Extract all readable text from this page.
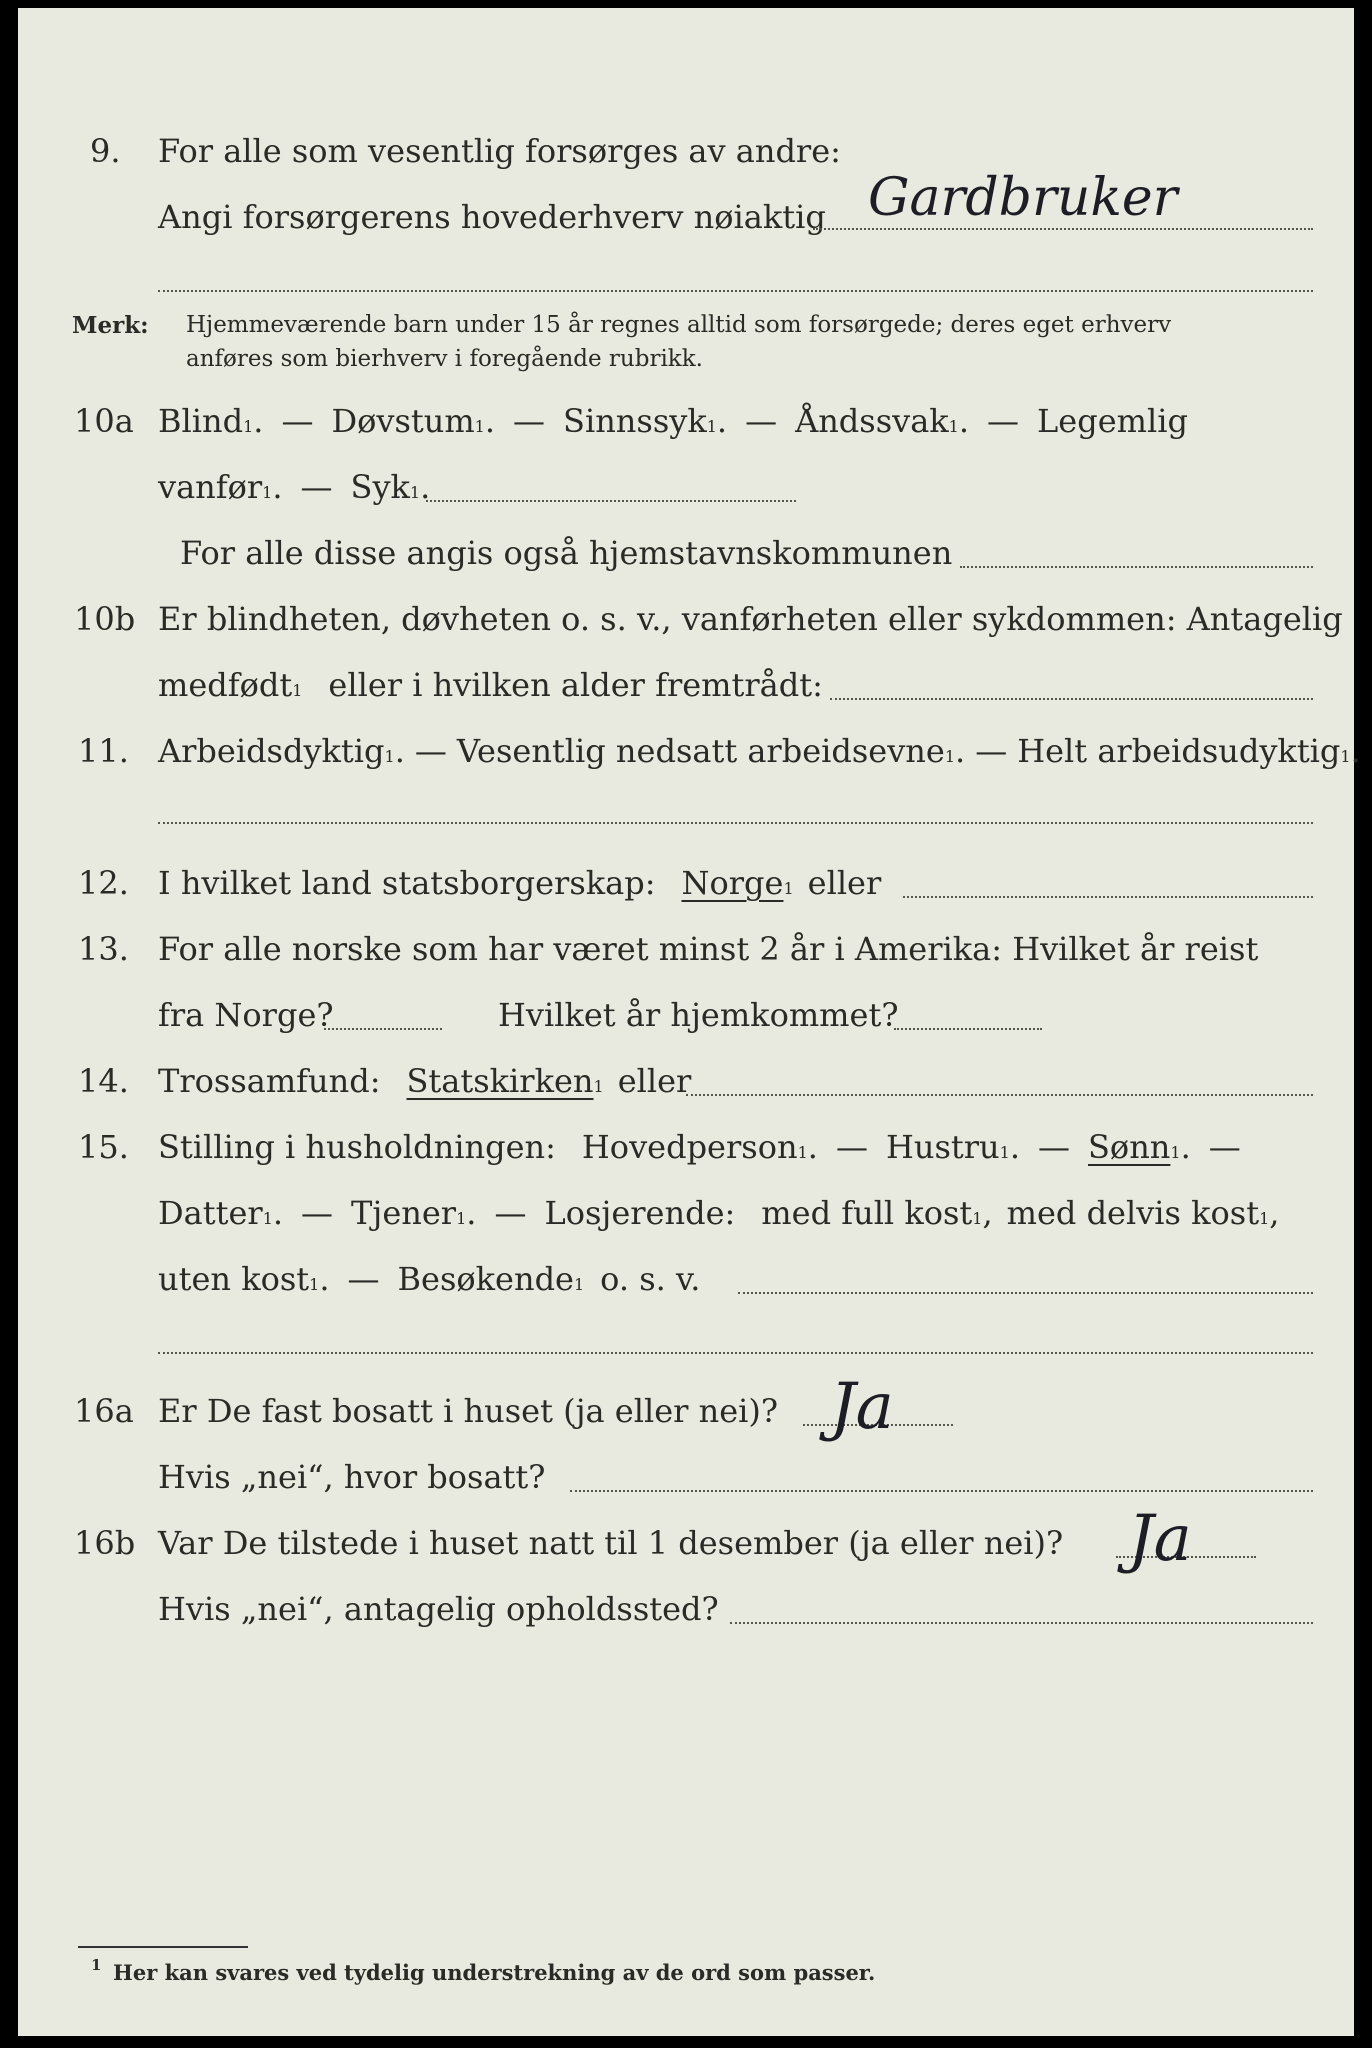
9. For alle som vesentlig forsørges av andre:
Angi forsørgerens hovederhverv nøiaktig Gardbruker
Merk: Hjemmeværende barn under 15 år regnes alltid som forsørgede; deres eget erhverv
anføres som bierhverv i foregående rubrikk.
10a Blind 1 . — Døvstum 1 . — Sinnssyk 1 . — Åndssvak 1 . — Legemlig
vanfør 1 . — Syk 1 .
For alle disse angis også hjemstavnskommunen
10b Er blindheten, døvheten o. s. v., vanførheten eller sykdommen: Antagelig
medfødt 1 eller i hvilken alder fremtrådt:
11. Arbeidsdyktig 1 . — Vesentlig nedsatt arbeidsevne 1 . — Helt arbeidsudyktig 1 .
12. I hvilket land statsborgerskap: Norge 1 eller
13. For alle norske som har været minst 2 år i Amerika: Hvilket år reist
fra Norge?	Hvilket år hjemkommet?
14. Trossamfund: Statskirken 1 eller
15. Stilling i husholdningen: Hovedperson 1 . — Hustru 1 . — Sønn 1 . —
Datter 1 . — Tjener 1 . — Losjerende: med full kost 1 , med delvis kost 1 ,
uten kost 1 . — Besøkende 1 o. s. v.
16a Er De fast bosatt i huset (ja eller nei)? Ja
Hvis „nei“, hvor bosatt?
16b Var De tilstede i huset natt til 1 desember (ja eller nei)? Ja
Hvis „nei“, antagelig opholdssted?
1 Her kan svares ved tydelig understrekning av de ord som passer.
